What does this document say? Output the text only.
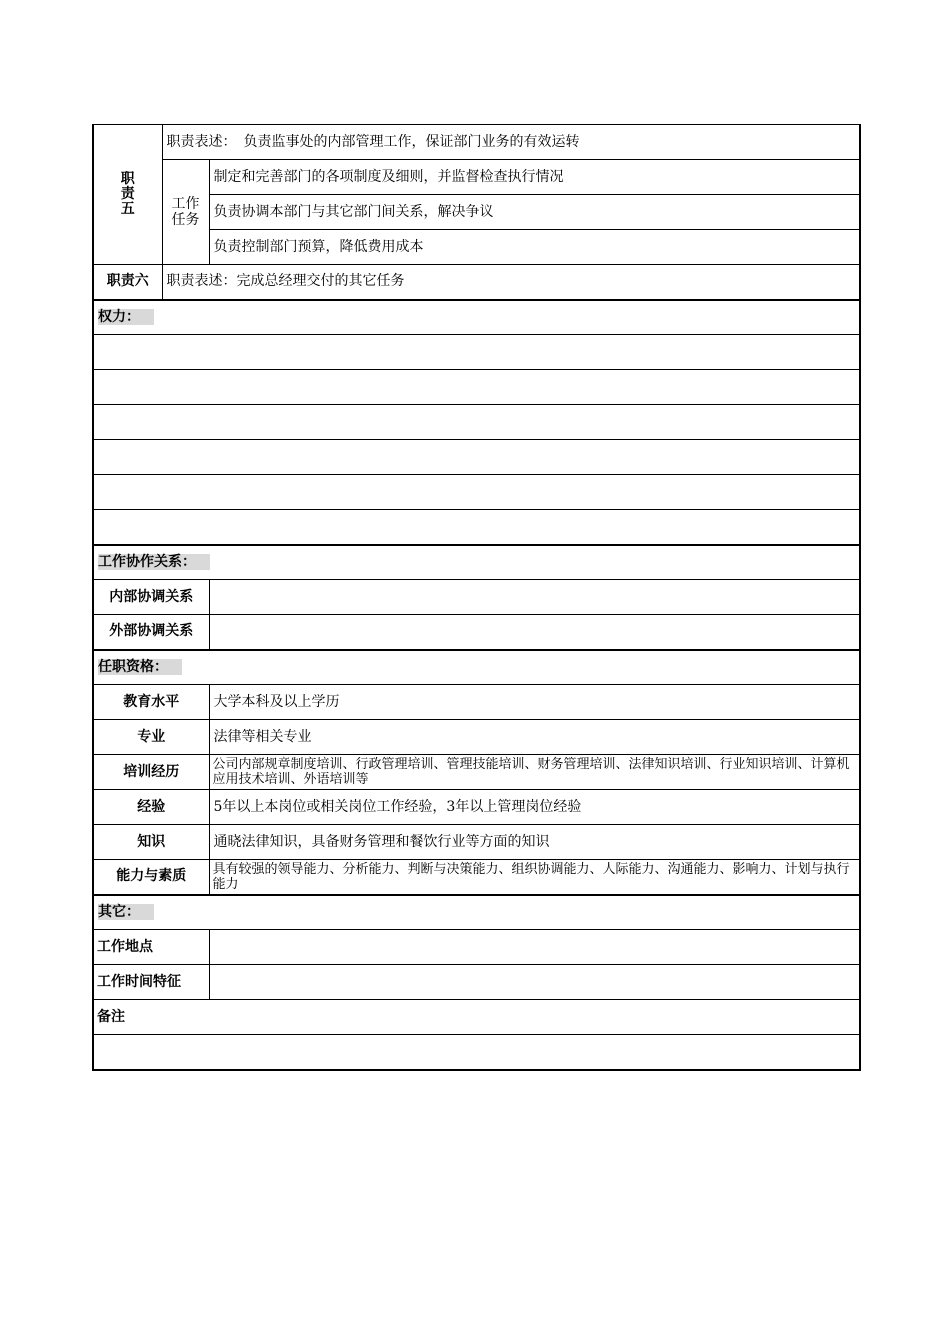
职
责
五	职责表述：　负责监事处的内部管理工作，保证部门业务的有效运转	

	工作
任务	制定和完善部门的各项制度及细则，并监督检查执行情况
		负责协调本部门与其它部门间关系，解决争议
		负责控制部门预算，降低费用成本
职责六	职责表述：完成总经理交付的其它任务	
权力：		

工作协作关系：		
内部协调关系		
外部协调关系		
任职资格：		
教育水平		大学本科及以上学历
专业		法律等相关专业
培训经历		公司内部规章制度培训、行政管理培训、管理技能培训、财务管理培训、法律知识培训、行业知识培训、计算机应用技术培训、外语培训等
经验		5年以上本岗位或相关岗位工作经验，3年以上管理岗位经验
知识		通晓法律知识，具备财务管理和餐饮行业等方面的知识
能力与素质		具有较强的领导能力、分析能力、判断与决策能力、组织协调能力、人际能力、沟通能力、影响力、计划与执行能力
其它：		
工作地点		
工作时间特征		
备注		
